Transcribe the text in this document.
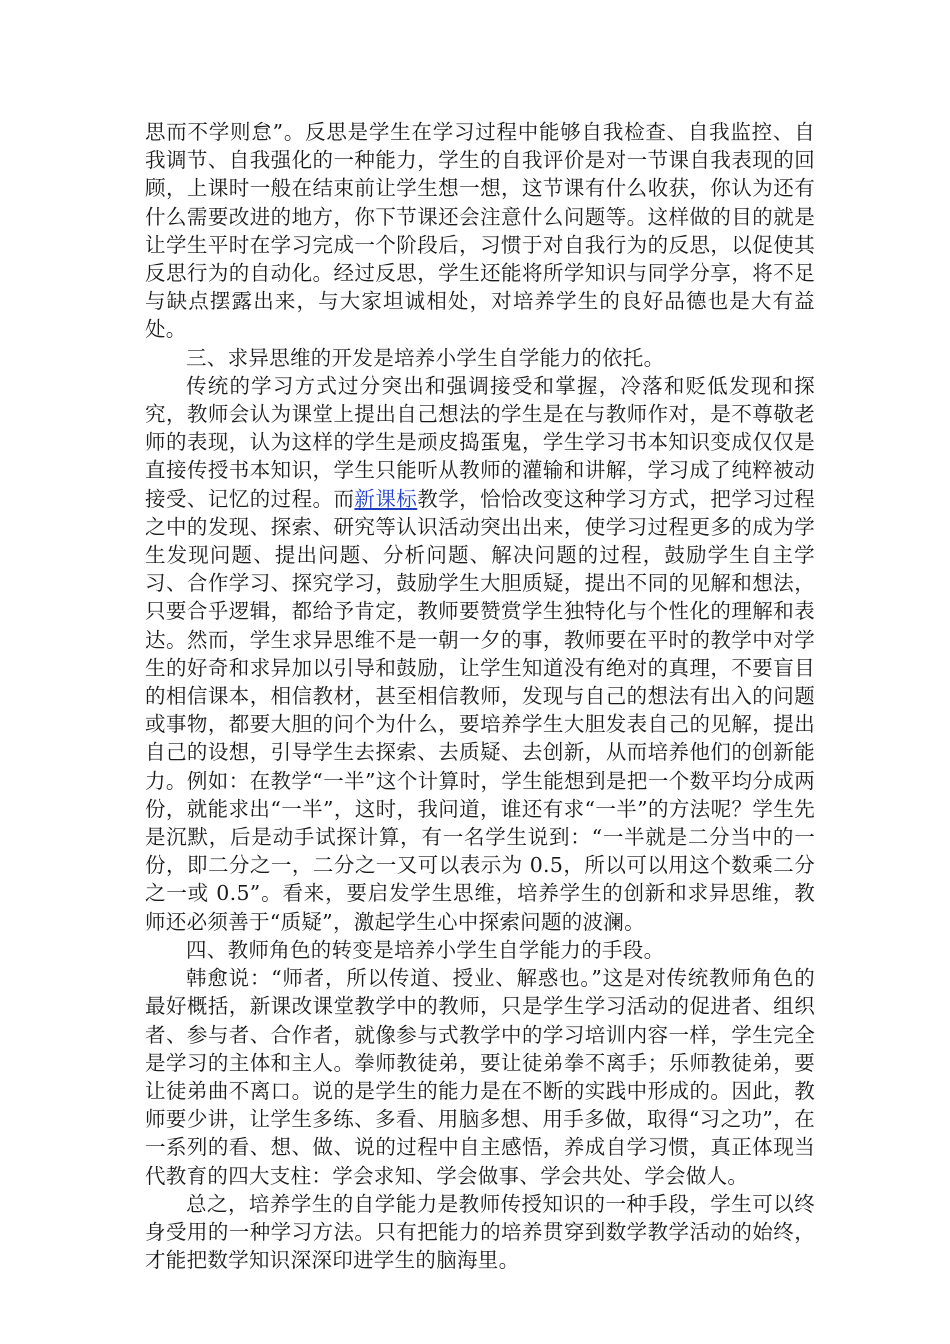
思而不学则怠”。反思是学生在学习过程中能够自我检查、自我监控、自我调节、自我强化的一种能力，学生的自我评价是对一节课自我表现的回顾，上课时一般在结束前让学生想一想，这节课有什么收获，你认为还有什么需要改进的地方，你下节课还会注意什么问题等。这样做的目的就是让学生平时在学习完成一个阶段后，习惯于对自我行为的反思，以促使其反思行为的自动化。经过反思，学生还能将所学知识与同学分享，将不足与缺点摆露出来，与大家坦诚相处，对培养学生的良好品德也是大有益处。

三、求异思维的开发是培养小学生自学能力的依托。

传统的学习方式过分突出和强调接受和掌握，冷落和贬低发现和探究，教师会认为课堂上提出自己想法的学生是在与教师作对，是不尊敬老师的表现，认为这样的学生是顽皮捣蛋鬼，学生学习书本知识变成仅仅是直接传授书本知识，学生只能听从教师的灌输和讲解，学习成了纯粹被动接受、记忆的过程。而新课标教学，恰恰改变这种学习方式，把学习过程之中的发现、探索、研究等认识活动突出出来，使学习过程更多的成为学生发现问题、提出问题、分析问题、解决问题的过程，鼓励学生自主学习、合作学习、探究学习，鼓励学生大胆质疑，提出不同的见解和想法，只要合乎逻辑，都给予肯定，教师要赞赏学生独特化与个性化的理解和表达。然而，学生求异思维不是一朝一夕的事，教师要在平时的教学中对学生的好奇和求异加以引导和鼓励，让学生知道没有绝对的真理，不要盲目的相信课本，相信教材，甚至相信教师，发现与自己的想法有出入的问题或事物，都要大胆的问个为什么，要培养学生大胆发表自己的见解，提出自己的设想，引导学生去探索、去质疑、去创新，从而培养他们的创新能力。例如：在教学“一半”这个计算时，学生能想到是把一个数平均分成两份，就能求出“一半”，这时，我问道，谁还有求“一半”的方法呢？学生先是沉默，后是动手试探计算，有一名学生说到：“一半就是二分当中的一份，即二分之一，二分之一又可以表示为 0.5，所以可以用这个数乘二分之一或 0.5”。看来，要启发学生思维，培养学生的创新和求异思维，教师还必须善于“质疑”，激起学生心中探索问题的波澜。

四、教师角色的转变是培养小学生自学能力的手段。

韩愈说：“师者，所以传道、授业、解惑也。”这是对传统教师角色的最好概括，新课改课堂教学中的教师，只是学生学习活动的促进者、组织者、参与者、合作者，就像参与式教学中的学习培训内容一样，学生完全是学习的主体和主人。拳师教徒弟，要让徒弟拳不离手；乐师教徒弟，要让徒弟曲不离口。说的是学生的能力是在不断的实践中形成的。因此，教师要少讲，让学生多练、多看、用脑多想、用手多做，取得“习之功”，在一系列的看、想、做、说的过程中自主感悟，养成自学习惯，真正体现当代教育的四大支柱：学会求知、学会做事、学会共处、学会做人。

总之，培养学生的自学能力是教师传授知识的一种手段，学生可以终身受用的一种学习方法。只有把能力的培养贯穿到数学教学活动的始终，才能把数学知识深深印进学生的脑海里。
